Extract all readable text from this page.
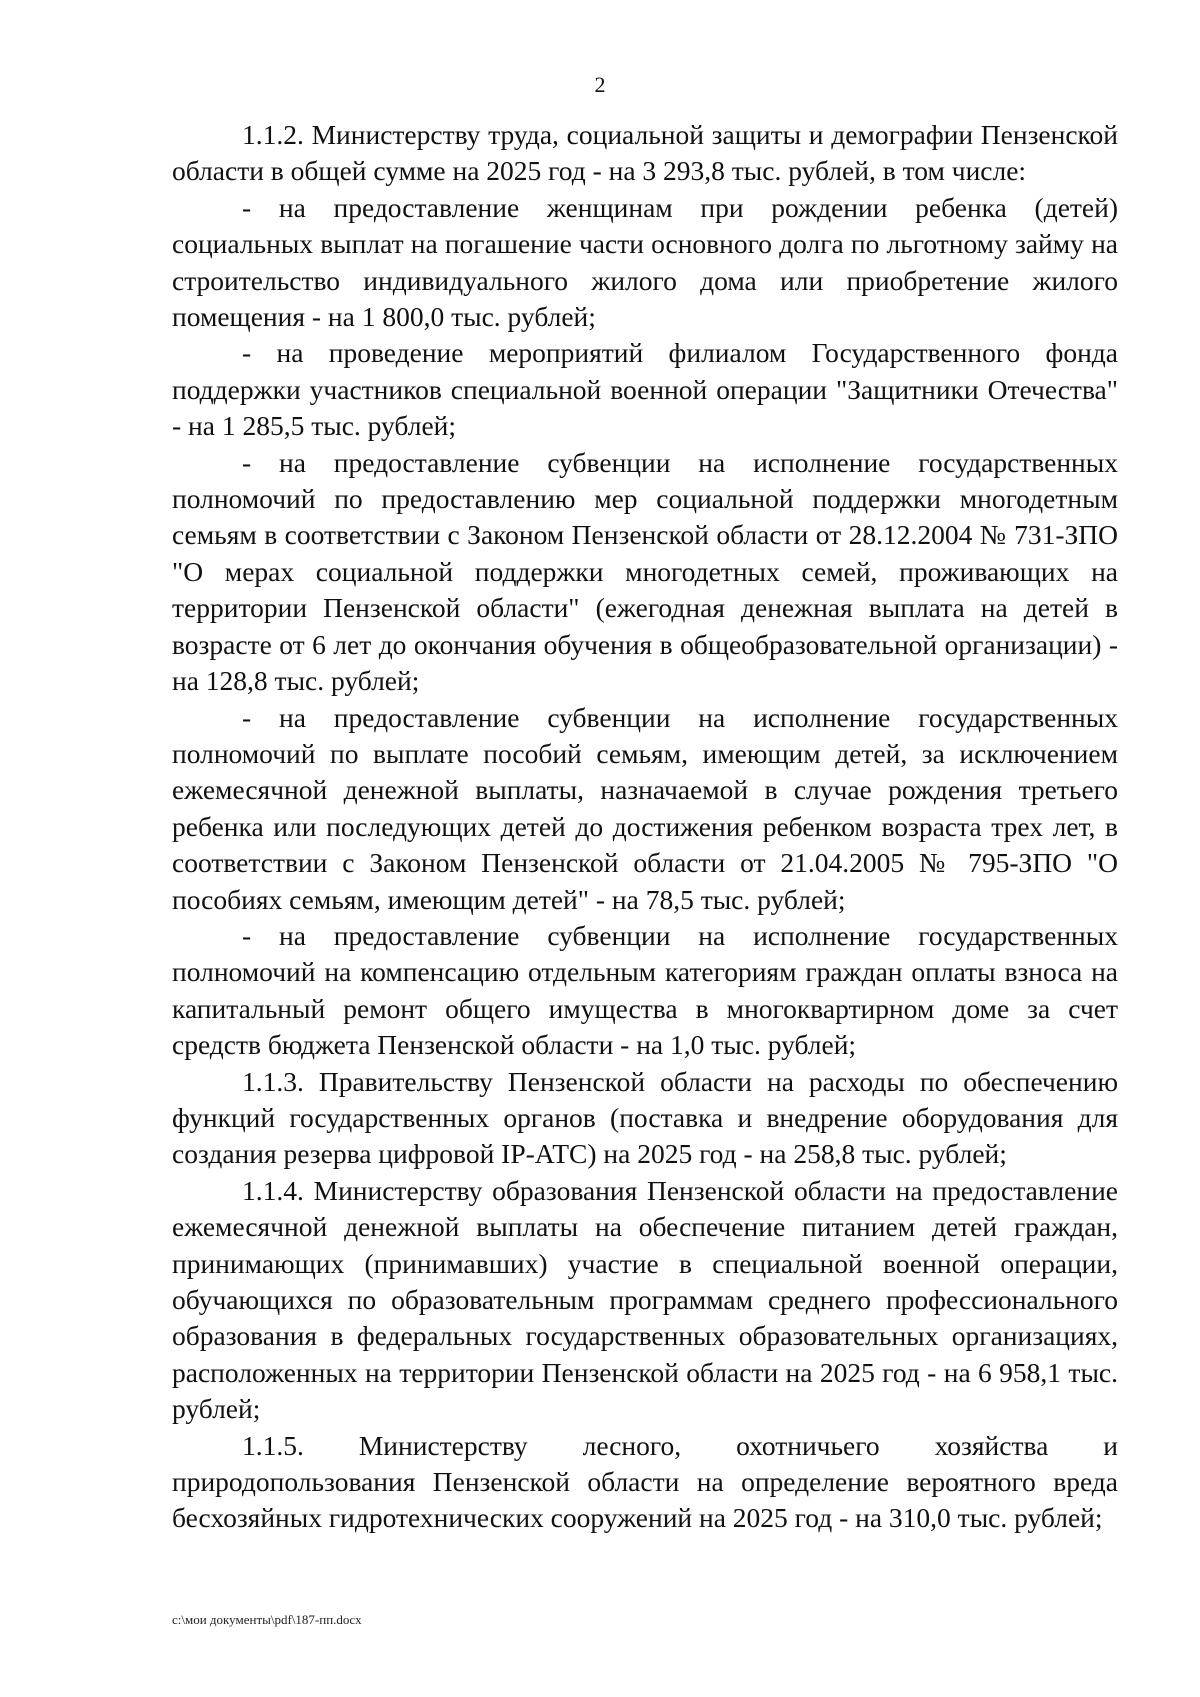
2

1.1.2. Министерству труда, социальной защиты и демографии Пензенской области в общей сумме на 2025 год - на 3 293,8 тыс. рублей, в том числе:

- на предоставление женщинам при рождении ребенка (детей) социальных выплат на погашение части основного долга по льготному займу на строительство индивидуального жилого дома или приобретение жилого помещения - на 1 800,0 тыс. рублей;

- на проведение мероприятий филиалом Государственного фонда поддержки участников специальной военной операции "Защитники Отечества" - на 1 285,5 тыс. рублей;

- на предоставление субвенции на исполнение государственных полномочий по предоставлению мер социальной поддержки многодетным семьям в соответствии с Законом Пензенской области от 28.12.2004 № 731-ЗПО "О мерах социальной поддержки многодетных семей, проживающих на территории Пензенской области" (ежегодная денежная выплата на детей в возрасте от 6 лет до окончания обучения в общеобразовательной организации) - на 128,8 тыс. рублей;

- на предоставление субвенции на исполнение государственных полномочий по выплате пособий семьям, имеющим детей, за исключением ежемесячной денежной выплаты, назначаемой в случае рождения третьего ребенка или последующих детей до достижения ребенком возраста трех лет, в соответствии с Законом Пензенской области от 21.04.2005 № 795-ЗПО "О пособиях семьям, имеющим детей" - на 78,5 тыс. рублей;

- на предоставление субвенции на исполнение государственных полномочий на компенсацию отдельным категориям граждан оплаты взноса на капитальный ремонт общего имущества в многоквартирном доме за счет средств бюджета Пензенской области - на 1,0 тыс. рублей;

1.1.3. Правительству Пензенской области на расходы по обеспечению функций государственных органов (поставка и внедрение оборудования для создания резерва цифровой IP-АТС) на 2025 год - на 258,8 тыс. рублей;

1.1.4. Министерству образования Пензенской области на предоставление ежемесячной денежной выплаты на обеспечение питанием детей граждан, принимающих (принимавших) участие в специальной военной операции, обучающихся по образовательным программам среднего профессионального образования в федеральных государственных образовательных организациях, расположенных на территории Пензенской области на 2025 год - на 6 958,1 тыс. рублей;

1.1.5. Министерству лесного, охотничьего хозяйства и природопользования Пензенской области на определение вероятного вреда бесхозяйных гидротехнических сооружений на 2025 год - на 310,0 тыс. рублей;

c:\мои документы\pdf\187-пп.docx
